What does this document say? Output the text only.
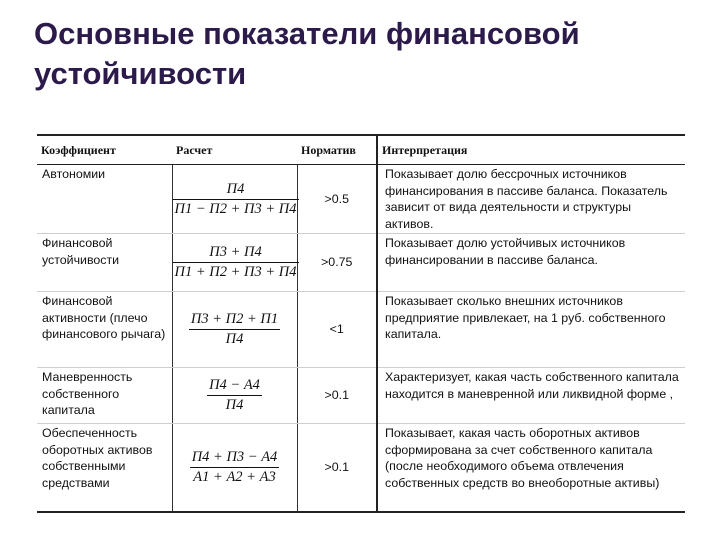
Основные показатели финансовой устойчивости
Коэффициент	Расчет	Норматив	Интерпретация
Автономии	$\frac{П4}{П1 - П2 + П3 + П4}$	>0.5	Показывает долю бессрочных источников финансирования в пассиве баланса. Показатель зависит от вида деятельности и структуры активов.
Финансовой устойчивости	$\frac{П3 + П4}{П1 + П2 + П3 + П4}$	>0.75	Показывает долю устойчивых источников финансировании в пассиве баланса.
Финансовой активности (плечо финансового рычага)	$\frac{П3 + П2 + П1}{П4}$	<1	Показывает сколько внешних источников предприятие привлекает, на 1 руб. собственного капитала.
Маневренность собственного капитала	$\frac{П4 - А4}{П4}$	>0.1	Характеризует, какая часть собственного капитала находится в маневренной или ликвидной форме ,
Обеспеченность оборотных активов собственными средствами	$\frac{П4 + П3 - А4}{А1 + А2 + А3}$	>0.1	Показывает, какая часть оборотных активов сформирована за счет собственного капитала (после необходимого объема отвлечения собственных средств во внеоборотные активы)
